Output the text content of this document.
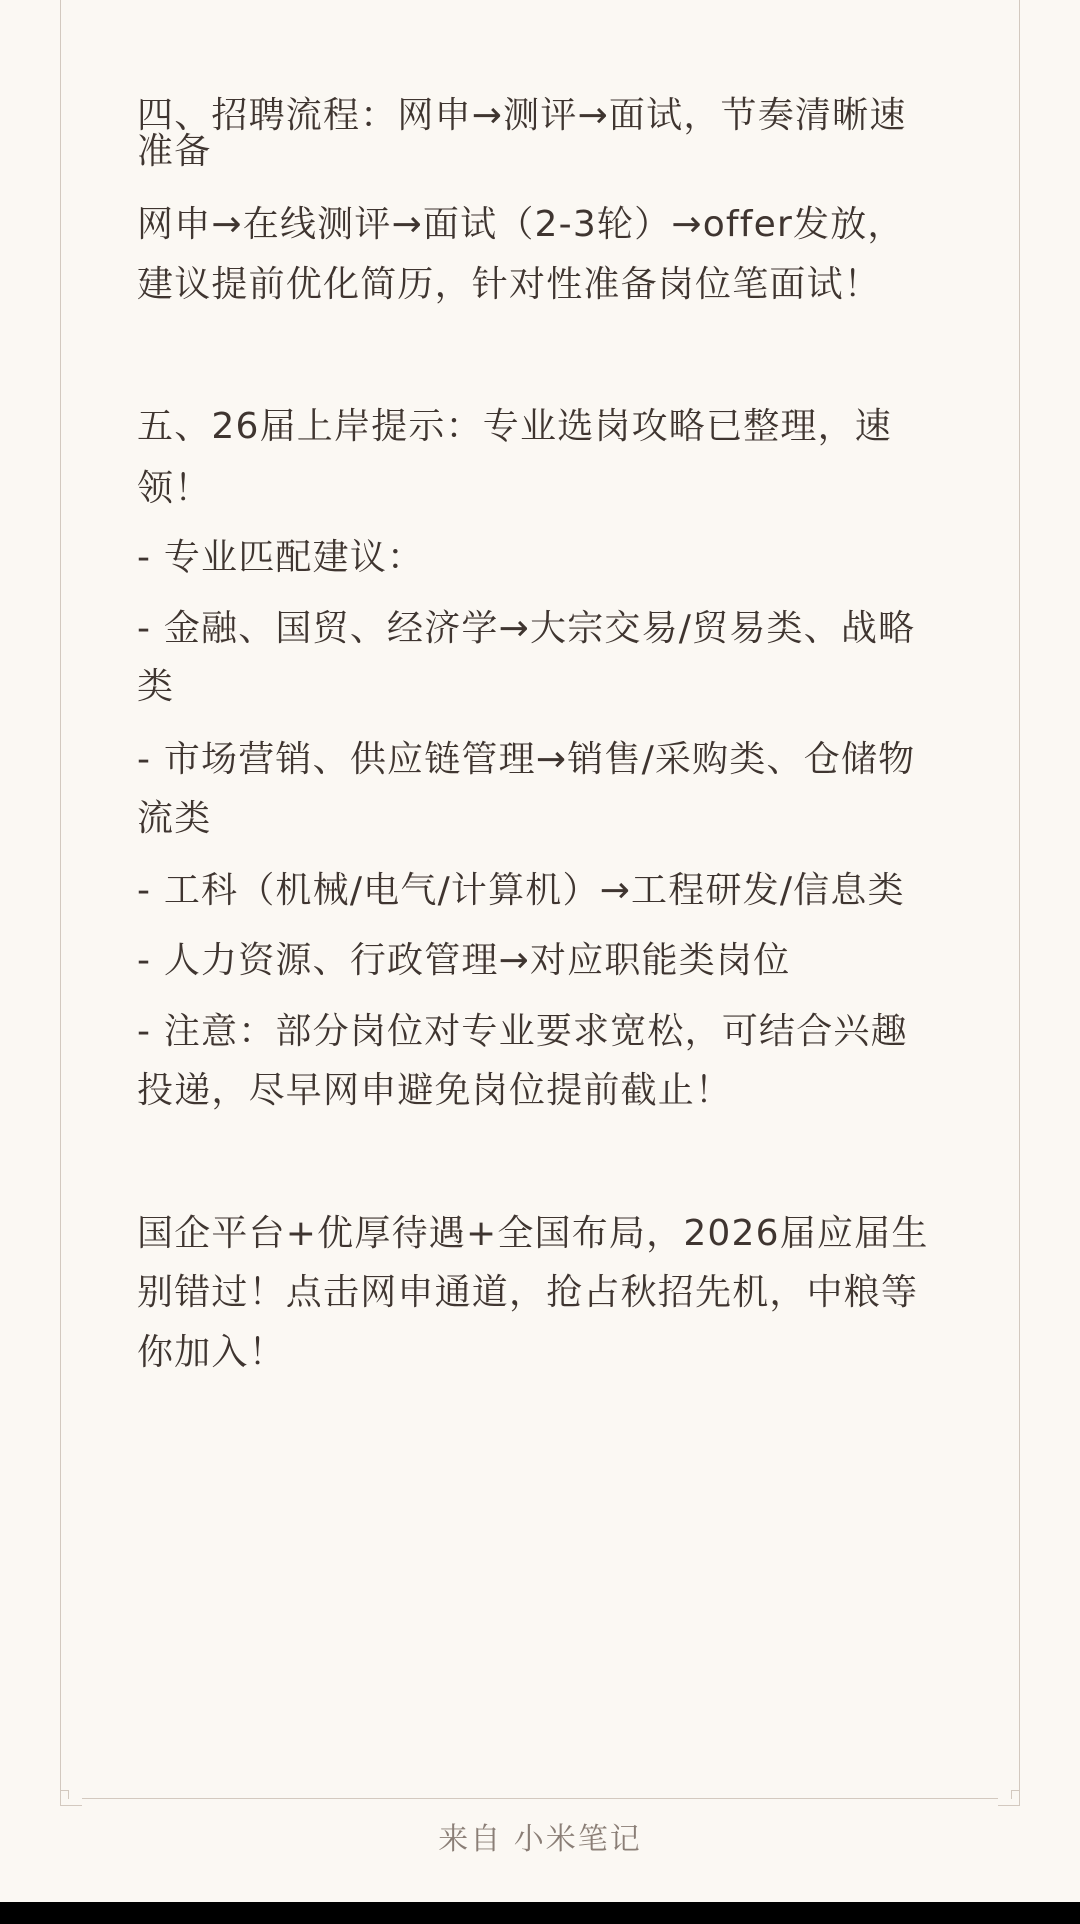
四、招聘流程：网申→测评→面试，节奏清晰速
准备
网申→在线测评→面试（2-3轮）→offer发放，
建议提前优化简历，针对性准备岗位笔面试！
五、26届上岸提示：专业选岗攻略已整理，速
领！
- 专业匹配建议：
- 金融、国贸、经济学→大宗交易/贸易类、战略
类
- 市场营销、供应链管理→销售/采购类、仓储物
流类
- 工科（机械/电气/计算机）→工程研发/信息类
- 人力资源、行政管理→对应职能类岗位
- 注意：部分岗位对专业要求宽松，可结合兴趣
投递，尽早网申避免岗位提前截止！
国企平台+优厚待遇+全国布局，2026届应届生
别错过！点击网申通道，抢占秋招先机，中粮等
你加入！
来自 小米笔记
